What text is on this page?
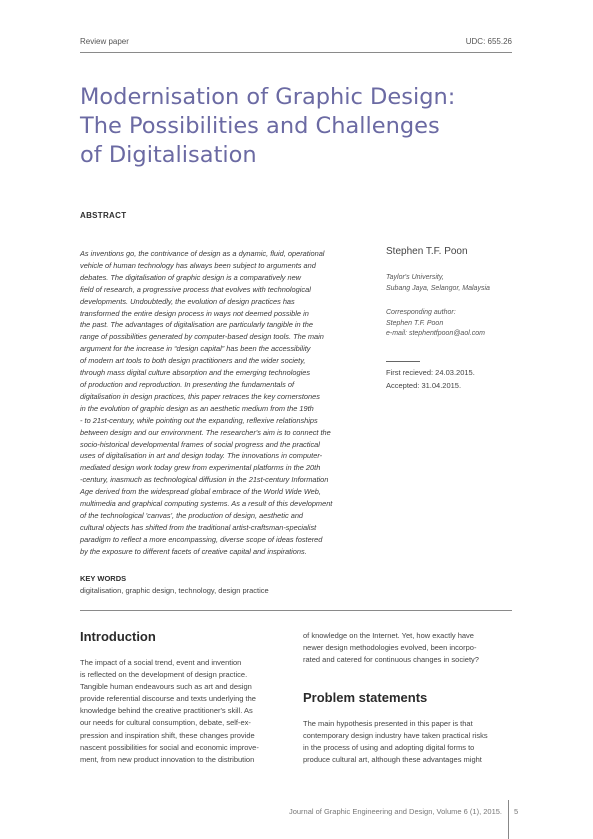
Review paper	UDC: 655.26
Modernisation of Graphic Design:
The Possibilities and Challenges
of Digitalisation
ABSTRACT
As inventions go, the contrivance of design as a dynamic, fluid, operational
vehicle of human technology has always been subject to arguments and
debates. The digitalisation of graphic design is a comparatively new
field of research, a progressive process that evolves with technological
developments. Undoubtedly, the evolution of design practices has
transformed the entire design process in ways not deemed possible in
the past. The advantages of digitalisation are particularly tangible in the
range of possibilities generated by computer-based design tools. The main
argument for the increase in “design capital” has been the accessibility
of modern art tools to both design practitioners and the wider society,
through mass digital culture absorption and the emerging technologies
of production and reproduction. In presenting the fundamentals of
digitalisation in design practices, this paper retraces the key cornerstones
in the evolution of graphic design as an aesthetic medium from the 19th
- to 21st-century, while pointing out the expanding, reflexive relationships
between design and our environment. The researcher's aim is to connect the
socio-historical developmental frames of social progress and the practical
uses of digitalisation in art and design today. The innovations in computer-
mediated design work today grew from experimental platforms in the 20th
-century, inasmuch as technological diffusion in the 21st-century Information
Age derived from the widespread global embrace of the World Wide Web,
multimedia and graphical computing systems. As a result of this development
of the technological 'canvas', the production of design, aesthetic and
cultural objects has shifted from the traditional artist-craftsman-specialist
paradigm to reflect a more encompassing, diverse scope of ideas fostered
by the exposure to different facets of creative capital and inspirations.
Stephen T.F. Poon
Taylor's University,
Subang Jaya, Selangor, Malaysia
Corresponding author:
Stephen T.F. Poon
e-mail: stephentfpoon@aol.com
First recieved: 24.03.2015.
Accepted: 31.04.2015.
KEY WORDS
digitalisation, graphic design, technology, design practice
Introduction
The impact of a social trend, event and invention
is reflected on the development of design practice.
Tangible human endeavours such as art and design
provide referential discourse and texts underlying the
knowledge behind the creative practitioner's skill. As
our needs for cultural consumption, debate, self-ex-
pression and inspiration shift, these changes provide
nascent possibilities for social and economic improve-
ment, from new product innovation to the distribution
of knowledge on the Internet. Yet, how exactly have
newer design methodologies evolved, been incorpo-
rated and catered for continuous changes in society?
Problem statements
The main hypothesis presented in this paper is that
contemporary design industry have taken practical risks
in the process of using and adopting digital forms to
produce cultural art, although these advantages might
Journal of Graphic Engineering and Design, Volume 6 (1), 2015. 5
